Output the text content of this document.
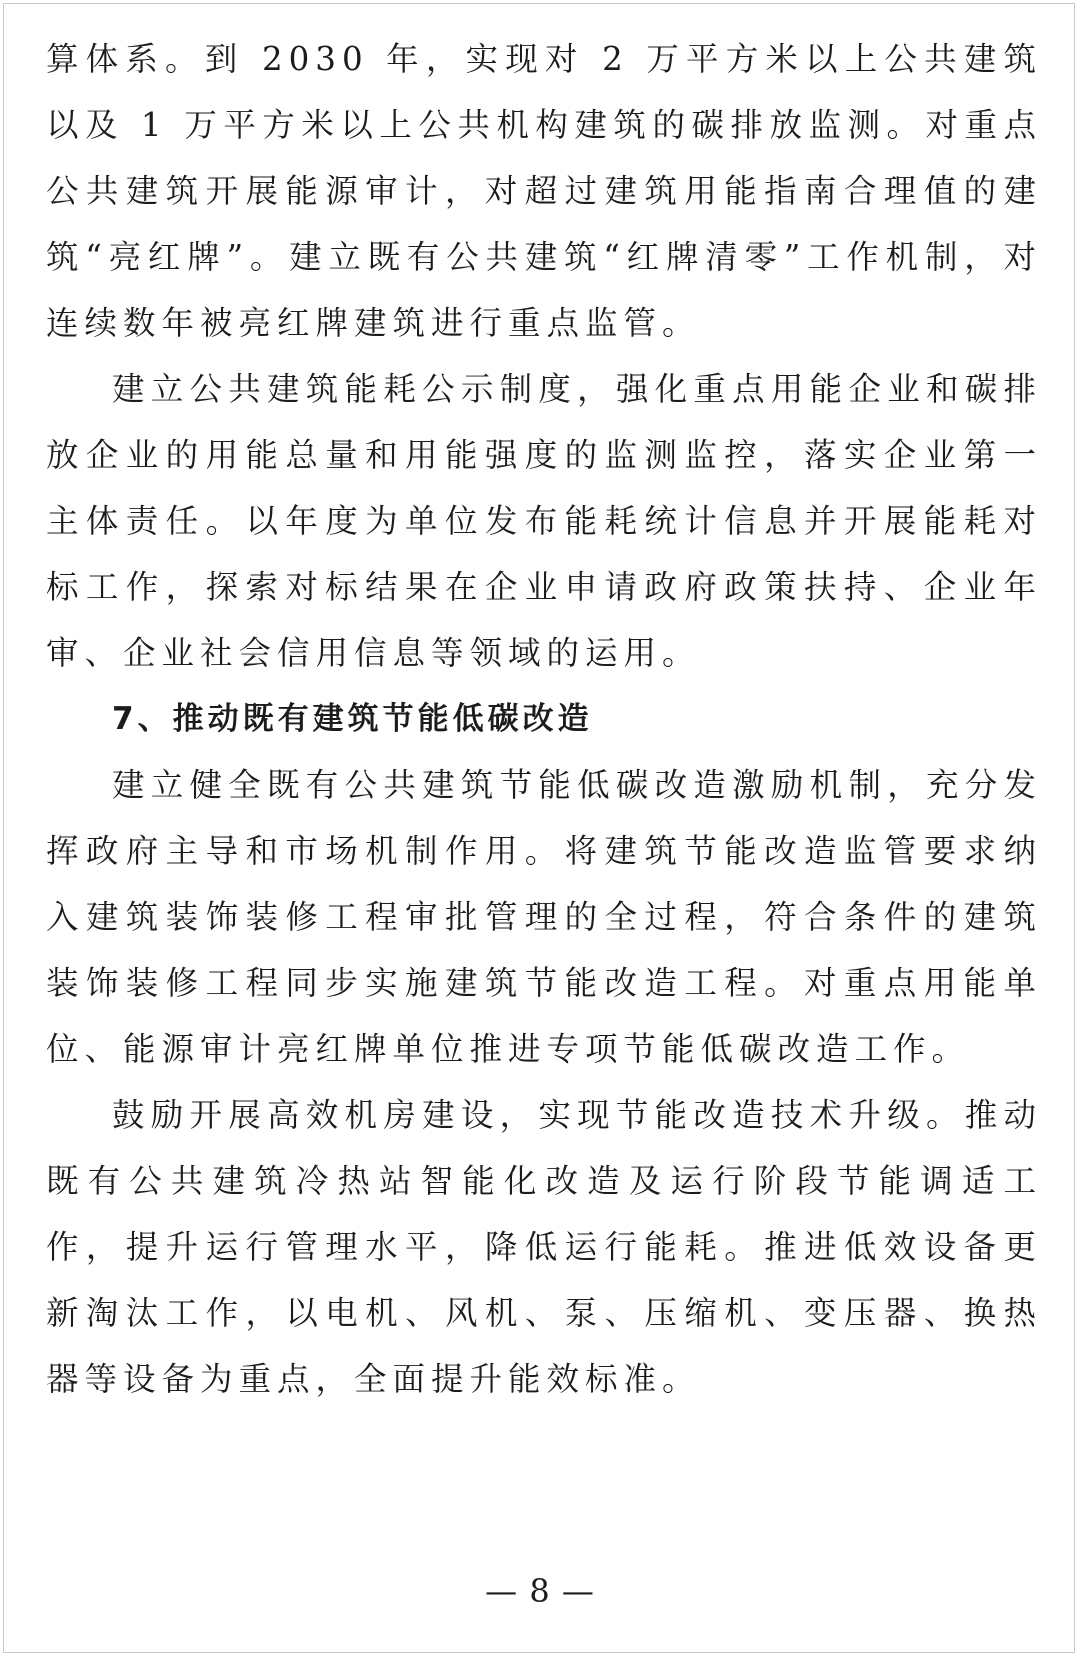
算体系。到 2030 年，实现对 2 万平方米以上公共建筑以及 1 万平方米以上公共机构建筑的碳排放监测。对重点公共建筑开展能源审计，对超过建筑用能指南合理值的建筑“亮红牌”。建立既有公共建筑“红牌清零”工作机制，对连续数年被亮红牌建筑进行重点监管。

建立公共建筑能耗公示制度，强化重点用能企业和碳排放企业的用能总量和用能强度的监测监控，落实企业第一主体责任。以年度为单位发布能耗统计信息并开展能耗对标工作，探索对标结果在企业申请政府政策扶持、企业年审、企业社会信用信息等领域的运用。

7、推动既有建筑节能低碳改造

建立健全既有公共建筑节能低碳改造激励机制，充分发挥政府主导和市场机制作用。将建筑节能改造监管要求纳入建筑装饰装修工程审批管理的全过程，符合条件的建筑装饰装修工程同步实施建筑节能改造工程。对重点用能单位、能源审计亮红牌单位推进专项节能低碳改造工作。

鼓励开展高效机房建设，实现节能改造技术升级。推动既有公共建筑冷热站智能化改造及运行阶段节能调适工作，提升运行管理水平，降低运行能耗。推进低效设备更新淘汰工作，以电机、风机、泵、压缩机、变压器、换热器等设备为重点，全面提升能效标准。

— 8 —
